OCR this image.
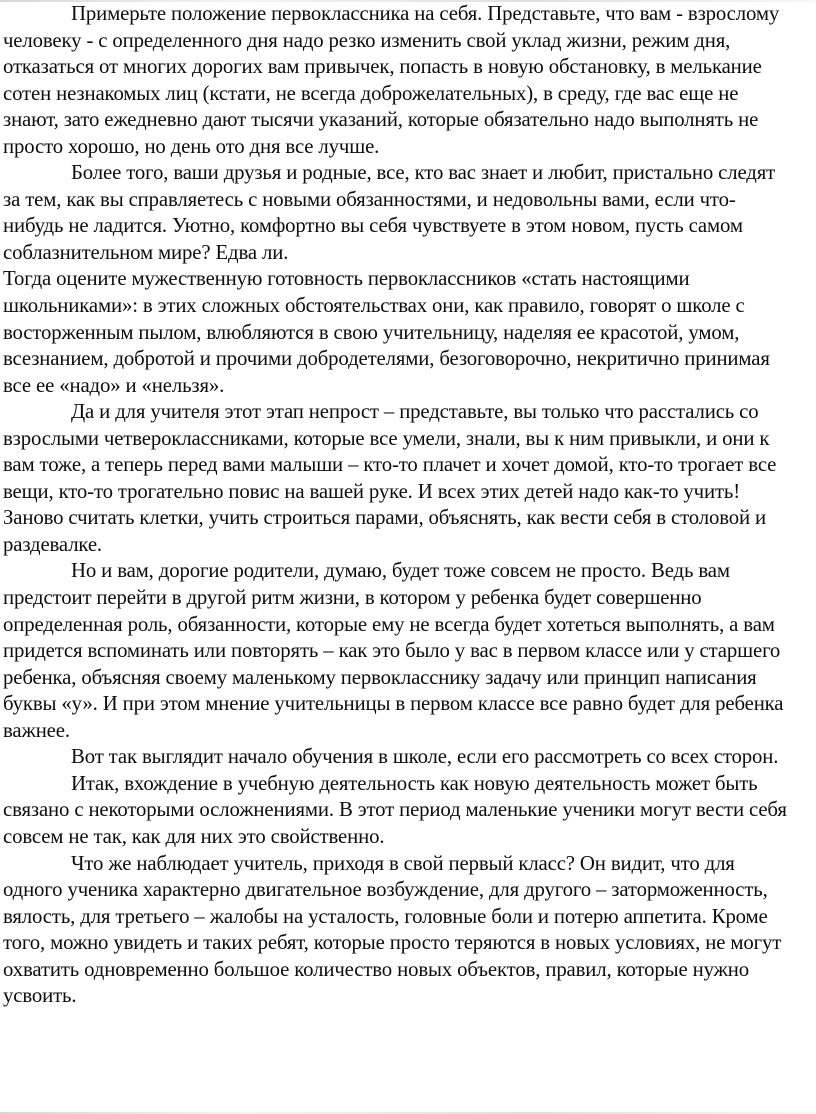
Примерьте положение первоклассника на себя. Представьте, что вам - взрослому человеку - с определенного дня надо резко изменить свой уклад жизни, режим дня, отказаться от многих дорогих вам привычек, попасть в новую обстановку, в мелькание сотен незнакомых лиц (кстати, не всегда доброжелательных), в среду, где вас еще не знают, зато ежедневно дают тысячи указаний, которые обязательно надо выполнять не просто хорошо, но день ото дня все лучше.

Более того, ваши друзья и родные, все, кто вас знает и любит, пристально следят за тем, как вы справляетесь с новыми обязанностями, и недовольны вами, если что-нибудь не ладится. Уютно, комфортно вы себя чувствуете в этом новом, пусть самом соблазнительном мире? Едва ли.

Тогда оцените мужественную готовность первоклассников «стать настоящими школьниками»: в этих сложных обстоятельствах они, как правило, говорят о школе с восторженным пылом, влюбляются в свою учительницу, наделяя ее красотой, умом, всезнанием, добротой и прочими добродетелями, безоговорочно, некритично принимая все ее «надо» и «нельзя».

Да и для учителя этот этап непрост – представьте, вы только что расстались со взрослыми четвероклассниками, которые все умели, знали, вы к ним привыкли, и они к вам тоже, а теперь перед вами малыши – кто-то плачет и хочет домой, кто-то трогает все вещи, кто-то трогательно повис на вашей руке. И всех этих детей надо как-то учить! Заново считать клетки, учить строиться парами, объяснять, как вести себя в столовой и раздевалке.

Но и вам, дорогие родители, думаю, будет тоже совсем не просто. Ведь вам предстоит перейти в другой ритм жизни, в котором у ребенка будет совершенно определенная роль, обязанности, которые ему не всегда будет хотеться выполнять, а вам придется вспоминать или повторять – как это было у вас в первом классе или у старшего ребенка, объясняя своему маленькому первокласснику задачу или принцип написания буквы «у». И при этом мнение учительницы в первом классе все равно будет для ребенка важнее.

Вот так выглядит начало обучения в школе, если его рассмотреть со всех сторон.

Итак, вхождение в учебную деятельность как новую деятельность может быть связано с некоторыми осложнениями. В этот период маленькие ученики могут вести себя совсем не так, как для них это свойственно.

Что же наблюдает учитель, приходя в свой первый класс? Он видит, что для одного ученика характерно двигательное возбуждение, для другого – заторможенность, вялость, для третьего – жалобы на усталость, головные боли и потерю аппетита. Кроме того, можно увидеть и таких ребят, которые просто теряются в новых условиях, не могут охватить одновременно большое количество новых объектов, правил, которые нужно усвоить.
